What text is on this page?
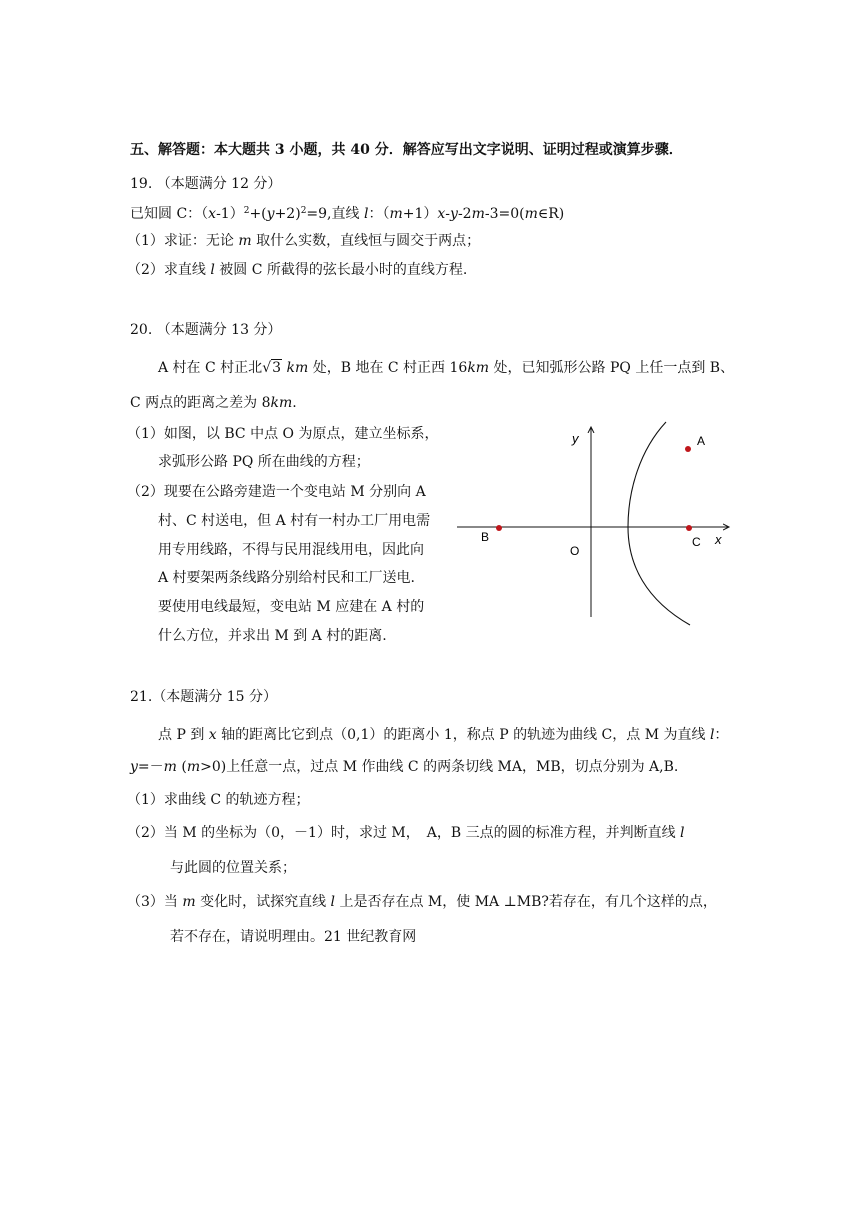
五、解答题：本大题共 3 小题，共 40 分．解答应写出文字说明、证明过程或演算步骤．
19. （本题满分 12 分）
已知圆 C：$(x-1)^2+(y+2)^2=9$,直线 l：（m+1）x-y-2m-3=0(m∈R)
（1）求证：无论 m 取什么实数，直线恒与圆交于两点；
（2）求直线 l 被圆 C 所截得的弦长最小时的直线方程.
20. （本题满分 13 分）
A 村在 C 村正北√3 km 处，B 地在 C 村正西 16km 处，已知弧形公路 PQ 上任一点到 B、
C 两点的距离之差为 8km.
（1）如图，以 BC 中点 O 为原点，建立坐标系，
求弧形公路 PQ 所在曲线的方程；
（2）现要在公路旁建造一个变电站 M 分别向 A
村、C 村送电，但 A 村有一村办工厂用电需
用专用线路，不得与民用混线用电，因此向
A 村要架两条线路分别给村民和工厂送电.
要使用电线最短，变电站 M 应建在 A 村的
什么方位，并求出 M 到 A 村的距离.
y
x
A
B	C
O
21.（本题满分 15 分）
点 P 到 x 轴的距离比它到点（0,1）的距离小 1，称点 P 的轨迹为曲线 C，点 M 为直线 l：
y=－m (m>0)上任意一点，过点 M 作曲线 C 的两条切线 MA，MB，切点分别为 A,B.
（1）求曲线 C 的轨迹方程；
（2）当 M 的坐标为（0，－1）时，求过 M，　A，B 三点的圆的标准方程，并判断直线 l
与此圆的位置关系；
（3）当 m 变化时，试探究直线 l 上是否存在点 M，使 MA ⊥MB?若存在，有几个这样的点，
若不存在，请说明理由。21 世纪教育网
